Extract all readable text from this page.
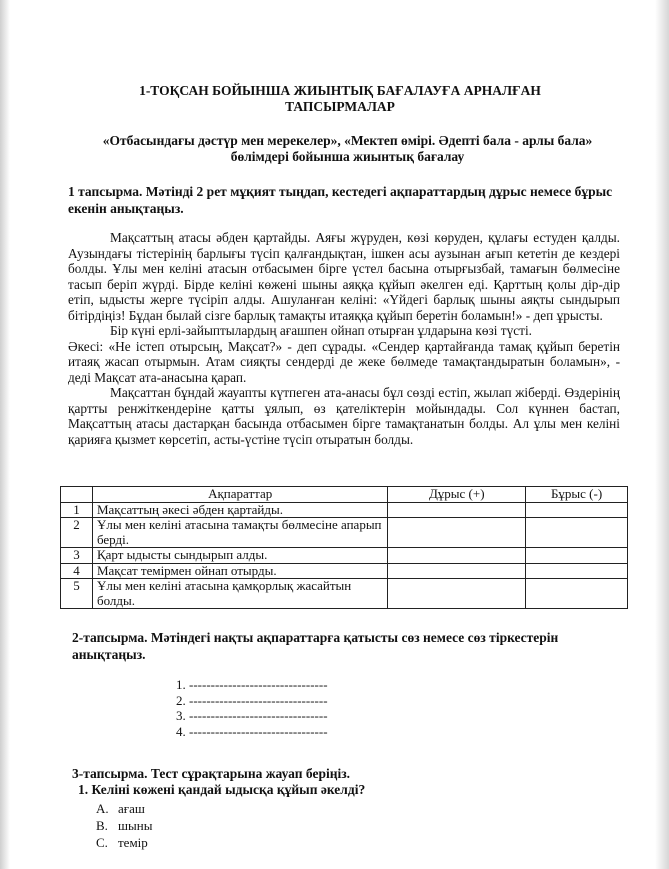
1-ТОҚСАН БОЙЫНША ЖИЫНТЫҚ БАҒАЛАУҒА АРНАЛҒАН
ТАПСЫРМАЛАР
«Отбасындағы дәстүр мен мерекелер», «Мектеп өмірі. Әдепті бала - арлы бала»
бөлімдері бойынша жиынтық бағалау
1 тапсырма. Мәтінді 2 рет мұқият тыңдап, кестедегі ақпараттардың дұрыс немесе бұрыс екенін анықтаңыз.

Мақсаттың атасы әбден қартайды. Аяғы жүруден, көзі көруден, құлағы естуден қалды. Аузындағы тістерінің барлығы түсіп қалғандықтан, ішкен асы аузынан ағып кететін де кездері болды. Ұлы мен келіні атасын отбасымен бірге үстел басына отырғызбай, тамағын бөлмесіне тасып беріп жүрді. Бірде келіні көженi шыны аяққа құйып әкелген еді. Қарттың қолы дір-дір етіп, ыдысты жерге түсіріп алды. Ашуланған келіні: «Үйдегі барлық шыны аяқты сындырып бітірдіңіз! Бұдан былай сізге барлық тамақты итаяққа құйып беретін боламын!» - деп ұрысты.

Бір күні ерлі-зайыптылардың ағашпен ойнап отырған ұлдарына көзі түсті.

Әкесі: «Не істеп отырсың, Мақсат?» - деп сұрады. «Сендер қартайғанда тамақ құйып беретін итаяқ жасап отырмын. Атам сияқты сендерді де жеке бөлмеде тамақтандыратын боламын», - деді Мақсат ата-анасына қарап.

Мақсаттан бұндай жауапты күтпеген ата-анасы бұл сөзді естіп, жылап жіберді. Өздерінің қартты ренжіткендеріне қатты ұялып, өз қателіктерін мойындады. Сол күннен бастап, Мақсаттың атасы дастарқан басында отбасымен бірге тамақтанатын болды. Ал ұлы мен келіні қарияға қызмет көрсетіп, асты-үстіне түсіп отыратын болды.

	Ақпараттар	Дұрыс (+)	Бұрыс (-)
1	Мақсаттың әкесі әбден қартайды.		
2	Ұлы мен келіні атасына тамақты бөлмесіне апарып берді.		
3	Қарт ыдысты сындырып алды.		
4	Мақсат темірмен ойнап отырды.		
5	Ұлы мен келіні атасына қамқорлық жасайтын болды.		
2-тапсырма. Мәтіндегі нақты ақпараттарға қатысты сөз немесе сөз тіркестерін анықтаңыз.
1. --------------------------------
2. --------------------------------
3. --------------------------------
4. --------------------------------
3-тапсырма. Тест сұрақтарына жауап беріңіз.
1. Келіні көжені қандай ыдысқа құйып әкелді?
A. ағаш
B. шыны
C. темір
